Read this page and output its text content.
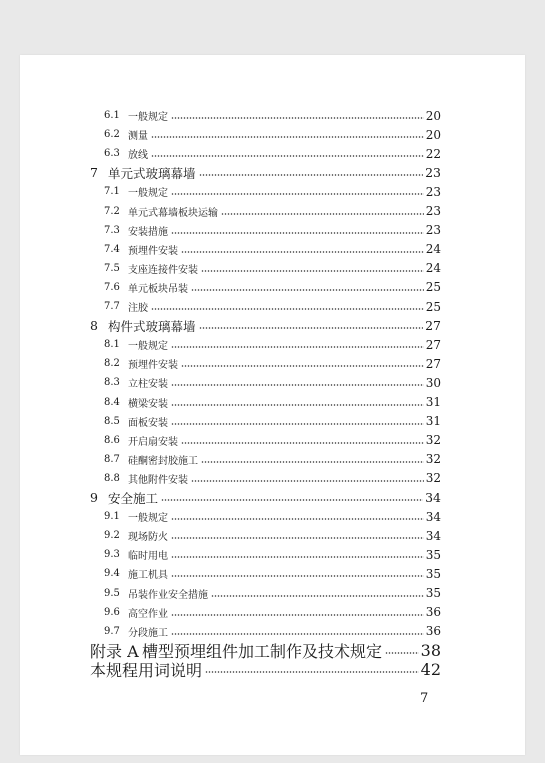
6.1 一般规定	20
6.2 测量	20
6.3 放线	22
7 单元式玻璃幕墙	23
7.1 一般规定	23
7.2 单元式幕墙板块运输	23
7.3 安装措施	23
7.4 预埋件安装	24
7.5 支座连接件安装	24
7.6 单元板块吊装	25
7.7 注胶	25
8 构件式玻璃幕墙	27
8.1 一般规定	27
8.2 预埋件安装	27
8.3 立柱安装	30
8.4 横梁安装	31
8.5 面板安装	31
8.6 开启扇安装	32
8.7 硅酮密封胶施工	32
8.8 其他附件安装	32
9 安全施工	34
9.1 一般规定	34
9.2 现场防火	34
9.3 临时用电	35
9.4 施工机具	35
9.5 吊装作业安全措施	35
9.6 高空作业	36
9.7 分段施工	36
附录 A 槽型预埋组件加工制作及技术规定 38
本规程用词说明	42
7
